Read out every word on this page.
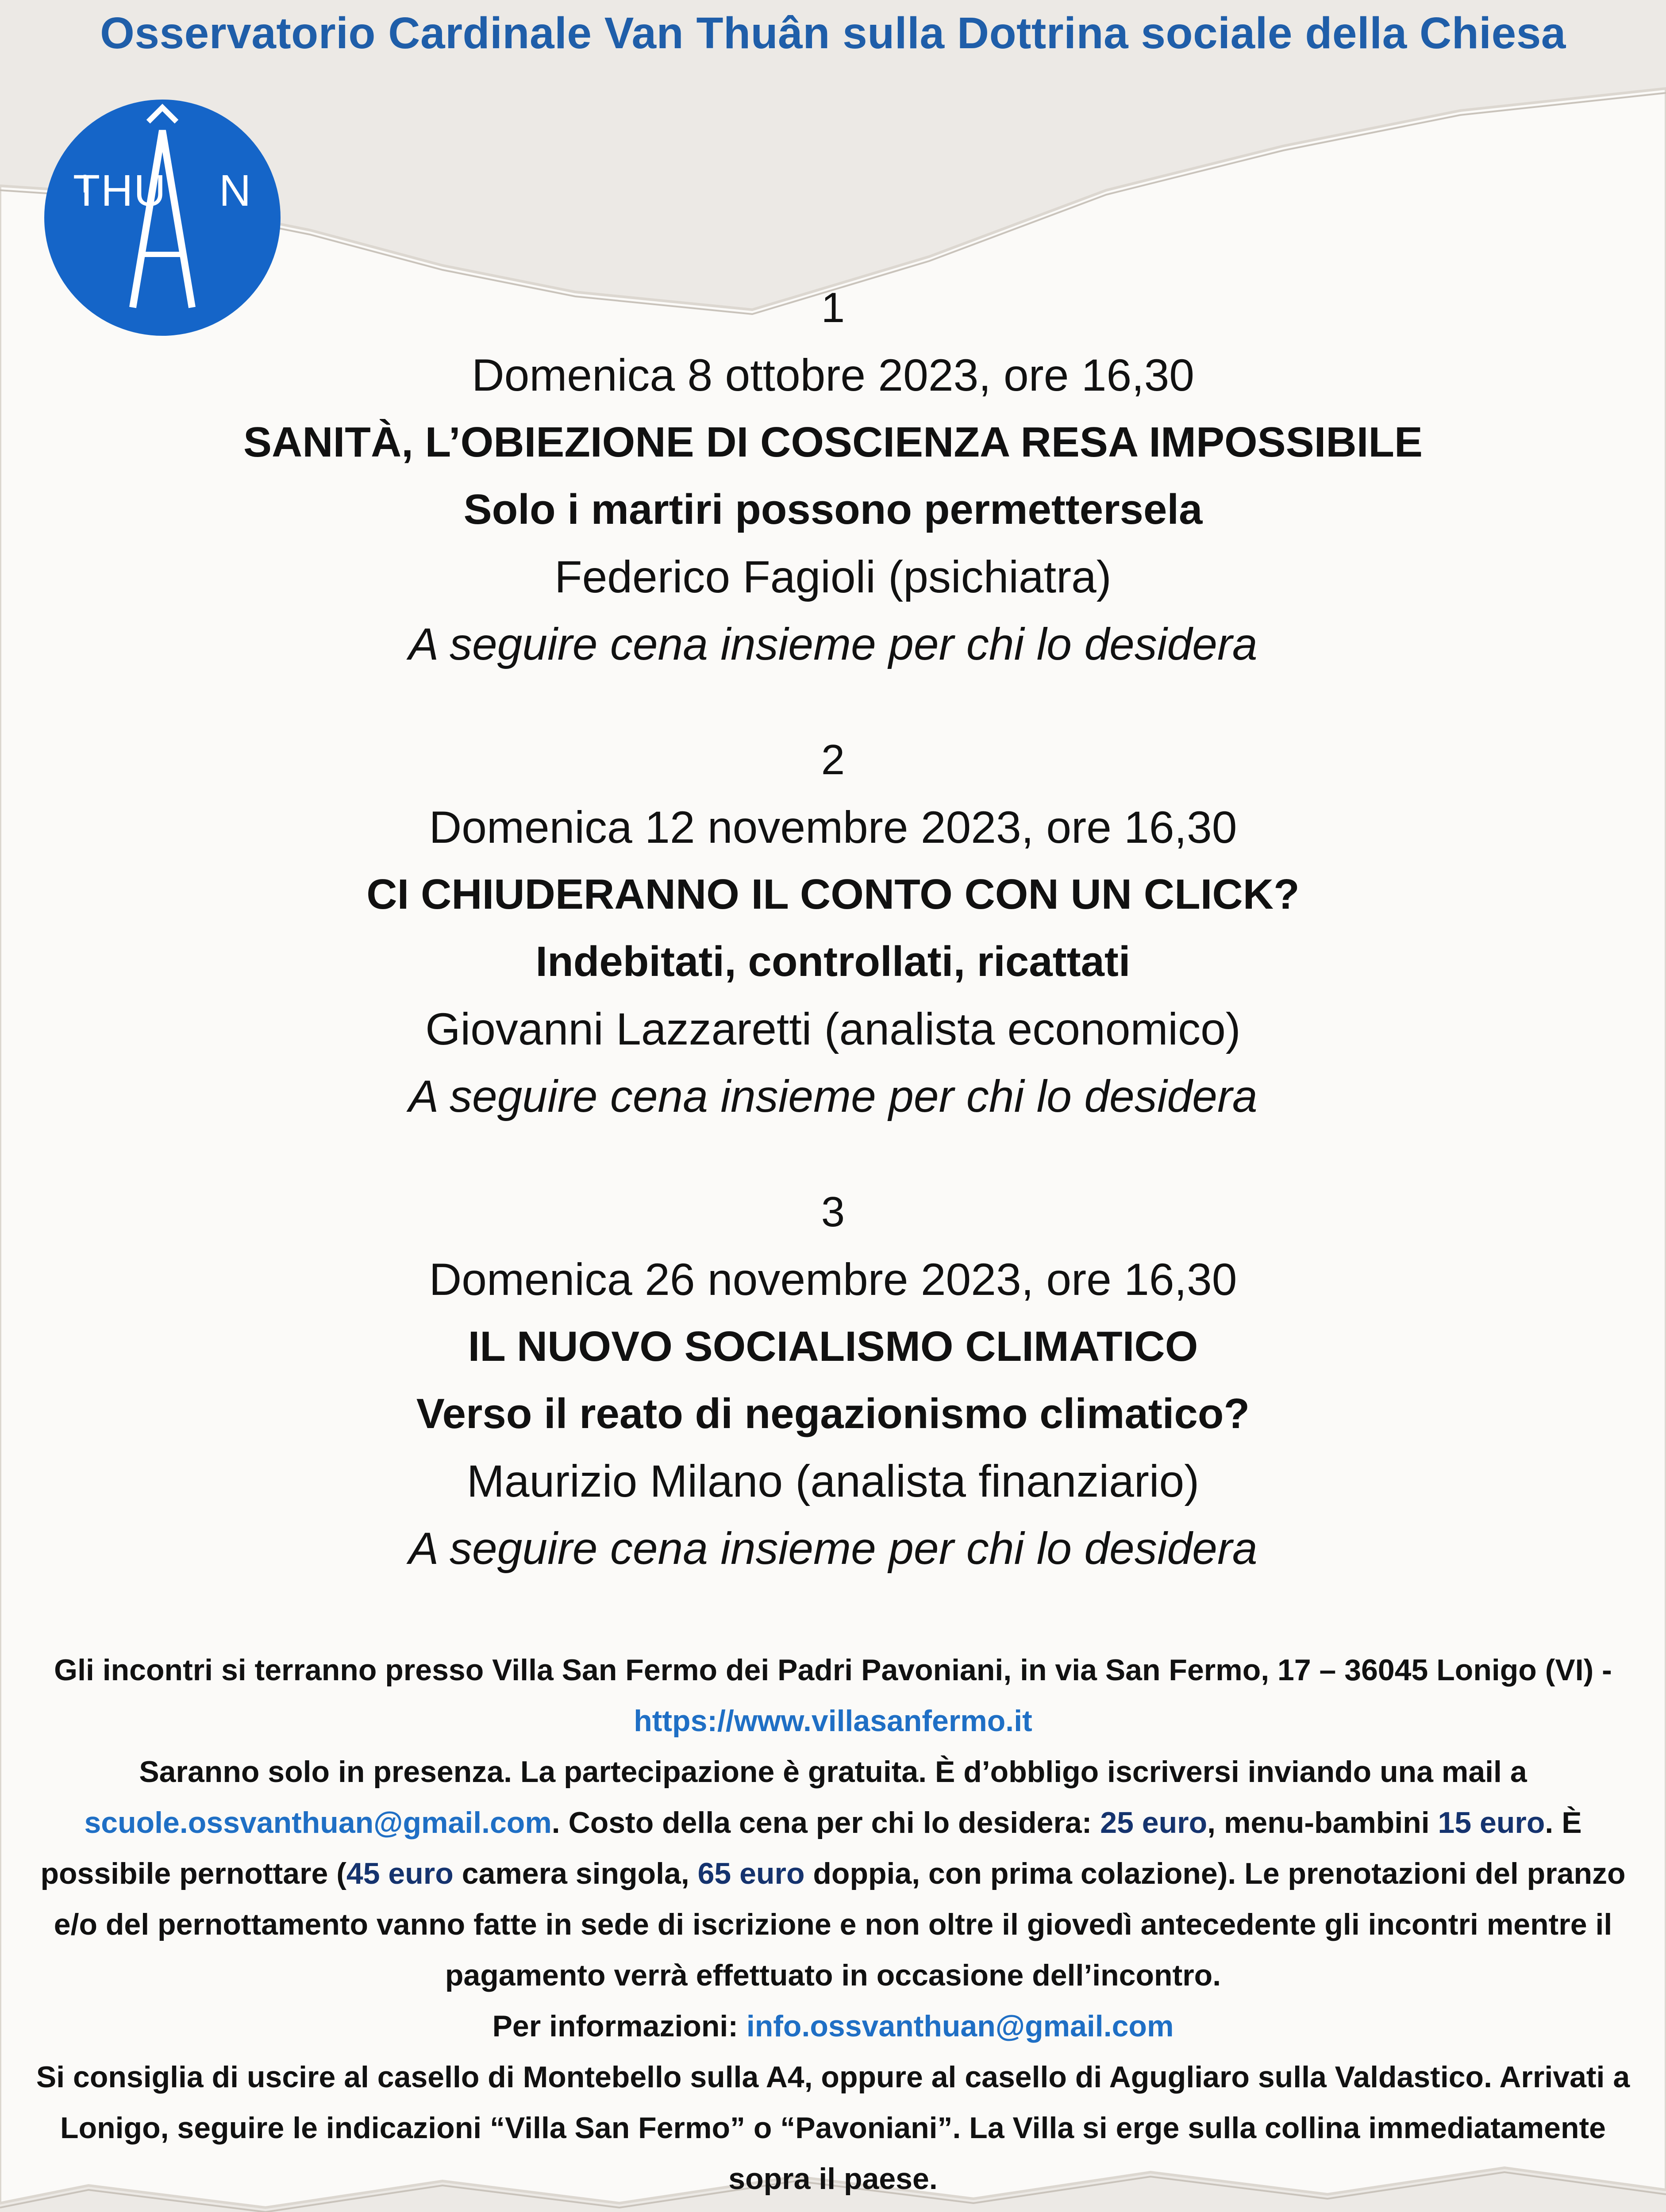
Osservatorio Cardinale Van Thuân sulla Dottrina sociale della Chiesa
THU N
1
Domenica 8 ottobre 2023, ore 16,30
SANITÀ, L’OBIEZIONE DI COSCIENZA RESA IMPOSSIBILE
Solo i martiri possono permettersela
Federico Fagioli (psichiatra)
A seguire cena insieme per chi lo desidera
2
Domenica 12 novembre 2023, ore 16,30
CI CHIUDERANNO IL CONTO CON UN CLICK?
Indebitati, controllati, ricattati
Giovanni Lazzaretti (analista economico)
A seguire cena insieme per chi lo desidera
3
Domenica 26 novembre 2023, ore 16,30
IL NUOVO SOCIALISMO CLIMATICO
Verso il reato di negazionismo climatico?
Maurizio Milano (analista finanziario)
A seguire cena insieme per chi lo desidera
Gli incontri si terranno presso Villa San Fermo dei Padri Pavoniani, in via San Fermo, 17 – 36045 Lonigo (VI) - https://www.villasanfermo.it
Saranno solo in presenza. La partecipazione è gratuita. È d’obbligo iscriversi inviando una mail a scuole.ossvanthuan@gmail.com. Costo della cena per chi lo desidera: 25 euro, menu-bambini 15 euro. È possibile pernottare (45 euro camera singola, 65 euro doppia, con prima colazione). Le prenotazioni del pranzo e/o del pernottamento vanno fatte in sede di iscrizione e non oltre il giovedì antecedente gli incontri mentre il pagamento verrà effettuato in occasione dell’incontro.
Per informazioni: info.ossvanthuan@gmail.com
Si consiglia di uscire al casello di Montebello sulla A4, oppure al casello di Agugliaro sulla Valdastico. Arrivati a Lonigo, seguire le indicazioni “Villa San Fermo” o “Pavoniani”. La Villa si erge sulla collina immediatamente sopra il paese.
